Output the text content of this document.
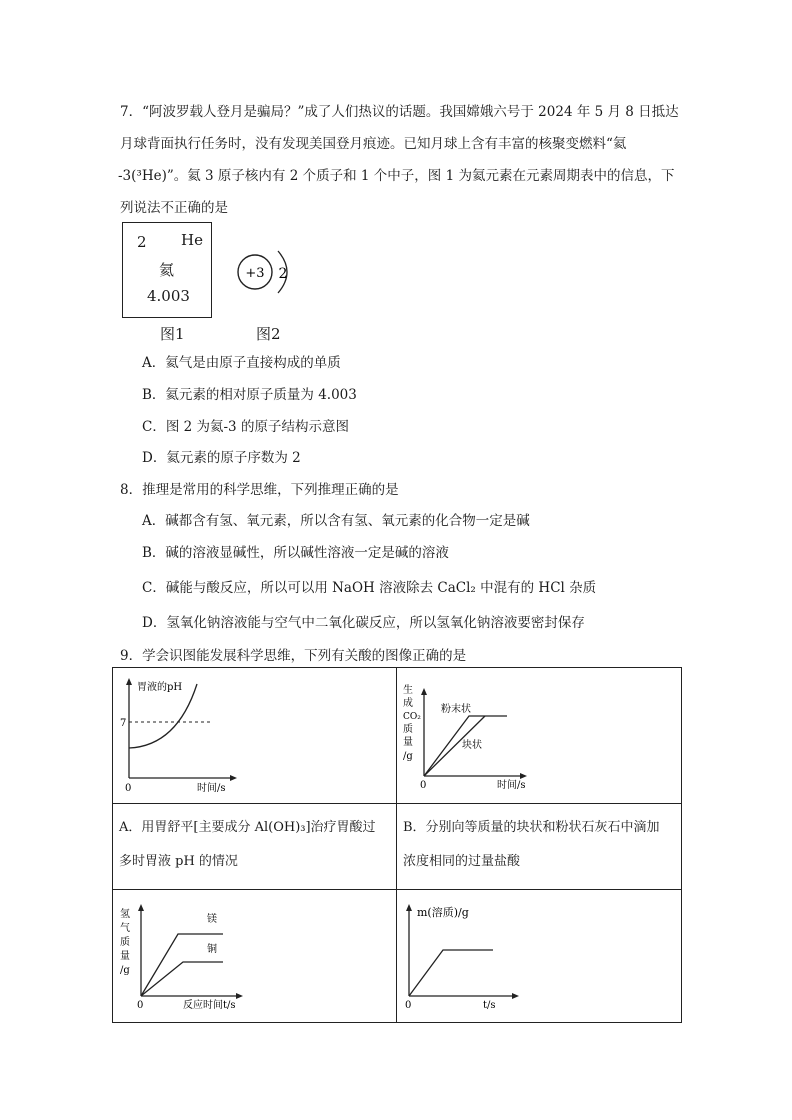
7．“阿波罗载人登月是骗局？”成了人们热议的话题。我国嫦娥六号于 2024 年 5 月 8 日抵达
月球背面执行任务时，没有发现美国登月痕迹。已知月球上含有丰富的核聚变燃料“氦
-3(³He)”。氦 3 原子核内有 2 个质子和 1 个中子，图 1 为氦元素在元素周期表中的信息，下
列说法不正确的是
2 He
氦
4.003
+3 2
图1	图2
A．氦气是由原子直接构成的单质
B．氦元素的相对原子质量为 4.003
C．图 2 为氦-3 的原子结构示意图
D．氦元素的原子序数为 2
8．推理是常用的科学思维，下列推理正确的是
A．碱都含有氢、氧元素，所以含有氢、氧元素的化合物一定是碱
B．碱的溶液显碱性，所以碱性溶液一定是碱的溶液
C．碱能与酸反应，所以可以用 NaOH 溶液除去 CaCl₂ 中混有的 HCl 杂质
D．氢氧化钠溶液能与空气中二氧化碳反应，所以氢氧化钠溶液要密封保存
9．学会识图能发展科学思维，下列有关酸的图像正确的是
胃液的pH
7
0	时间/s
生
成
CO₂
质
量
/g
粉末状
块状
0	时间/s
A．用胃舒平[主要成分 Al(OH)₃]治疗胃酸过
多时胃液 pH 的情况
B．分别向等质量的块状和粉状石灰石中滴加
浓度相同的过量盐酸
氢
气
质
量
/g
镁
铜
0	反应时间t/s
m(溶质)/g
0	t/s
